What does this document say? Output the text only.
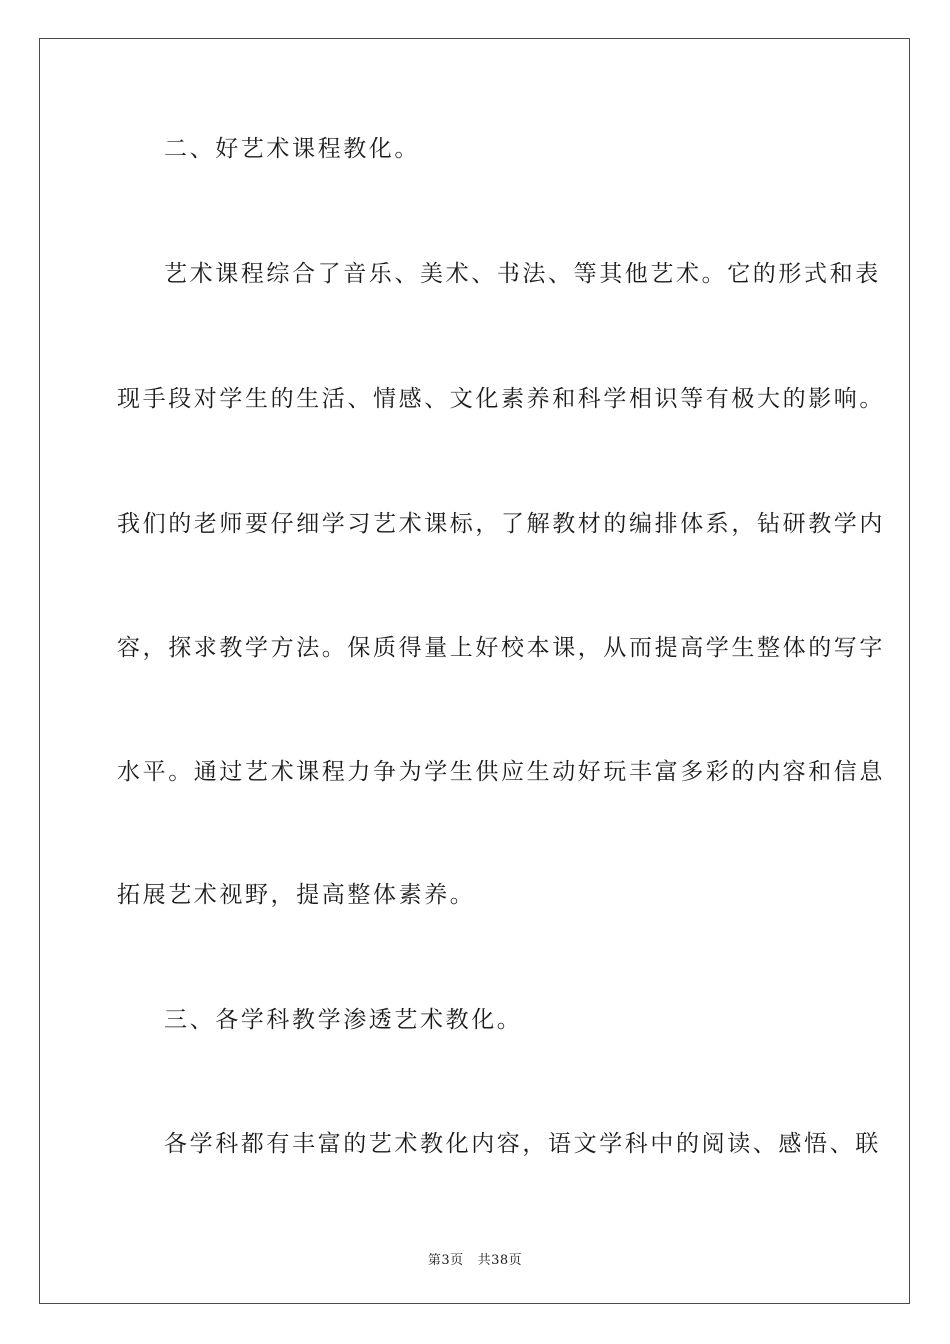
二、好艺术课程教化。
艺术课程综合了音乐、美术、书法、等其他艺术。它的形式和表
现手段对学生的生活、情感、文化素养和科学相识等有极大的影响。
我们的老师要仔细学习艺术课标，了解教材的编排体系，钻研教学内
容，探求教学方法。保质得量上好校本课，从而提高学生整体的写字
水平。通过艺术课程力争为学生供应生动好玩丰富多彩的内容和信息
拓展艺术视野，提高整体素养。
三、各学科教学渗透艺术教化。
各学科都有丰富的艺术教化内容，语文学科中的阅读、感悟、联
第3页 共38页
